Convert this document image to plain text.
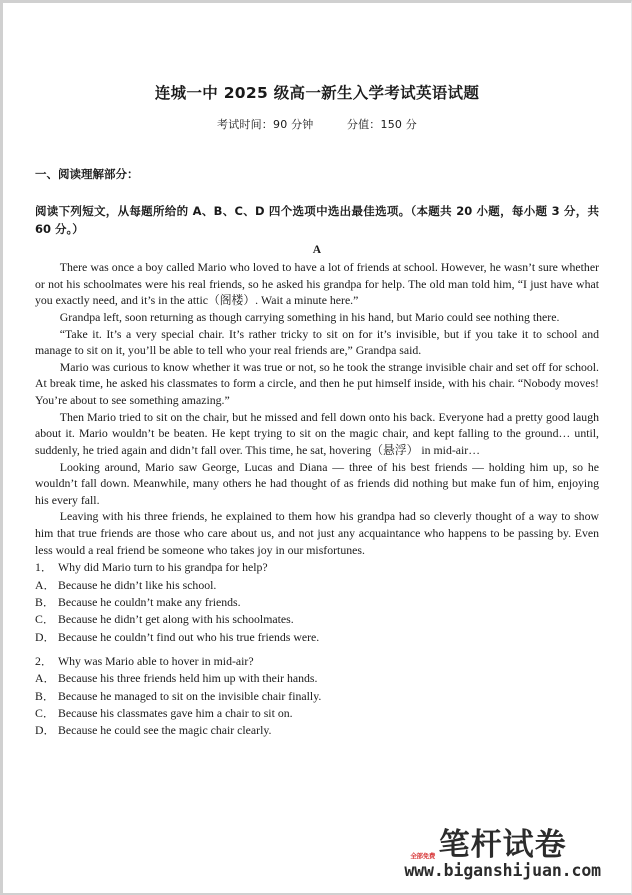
连城一中 2025 级高一新生入学考试英语试题

考试时间：90 分钟	分值：150 分

一、阅读理解部分：

阅读下列短文，从每题所给的 A、B、C、D 四个选项中选出最佳选项。（本题共 20 小题，每小题 3 分，共 60 分。）

A

There was once a boy called Mario who loved to have a lot of friends at school. However, he wasn’t sure whether or not his schoolmates were his real friends, so he asked his grandpa for help. The old man told him, “I just have what you exactly need, and it’s in the attic（阁楼）. Wait a minute here.”

Grandpa left, soon returning as though carrying something in his hand, but Mario could see nothing there.

“Take it. It’s a very special chair. It’s rather tricky to sit on for it’s invisible, but if you take it to school and manage to sit on it, you’ll be able to tell who your real friends are,” Grandpa said.

Mario was curious to know whether it was true or not, so he took the strange invisible chair and set off for school. At break time, he asked his classmates to form a circle, and then he put himself inside, with his chair. “Nobody moves! You’re about to see something amazing.”

Then Mario tried to sit on the chair, but he missed and fell down onto his back. Everyone had a pretty good laugh about it. Mario wouldn’t be beaten. He kept trying to sit on the magic chair, and kept falling to the ground… until, suddenly, he tried again and didn’t fall over. This time, he sat, hovering（悬浮） in mid-air…

Looking around, Mario saw George, Lucas and Diana — three of his best friends — holding him up, so he wouldn’t fall down. Meanwhile, many others he had thought of as friends did nothing but make fun of him, enjoying his every fall.

Leaving with his three friends, he explained to them how his grandpa had so cleverly thought of a way to show him that true friends are those who care about us, and not just any acquaintance who happens to be passing by. Even less would a real friend be someone who takes joy in our misfortunes.

1． Why did Mario turn to his grandpa for help?

A． Because he didn’t like his school.

B． Because he couldn’t make any friends.

C． Because he didn’t get along with his schoolmates.

D． Because he couldn’t find out who his true friends were.

2． Why was Mario able to hover in mid-air?

A． Because his three friends held him up with their hands.

B． Because he managed to sit on the invisible chair finally.

C． Because his classmates gave him a chair to sit on.

D． Because he could see the magic chair clearly.

全部免费 笔杆试卷
www.biganshijuan.com
